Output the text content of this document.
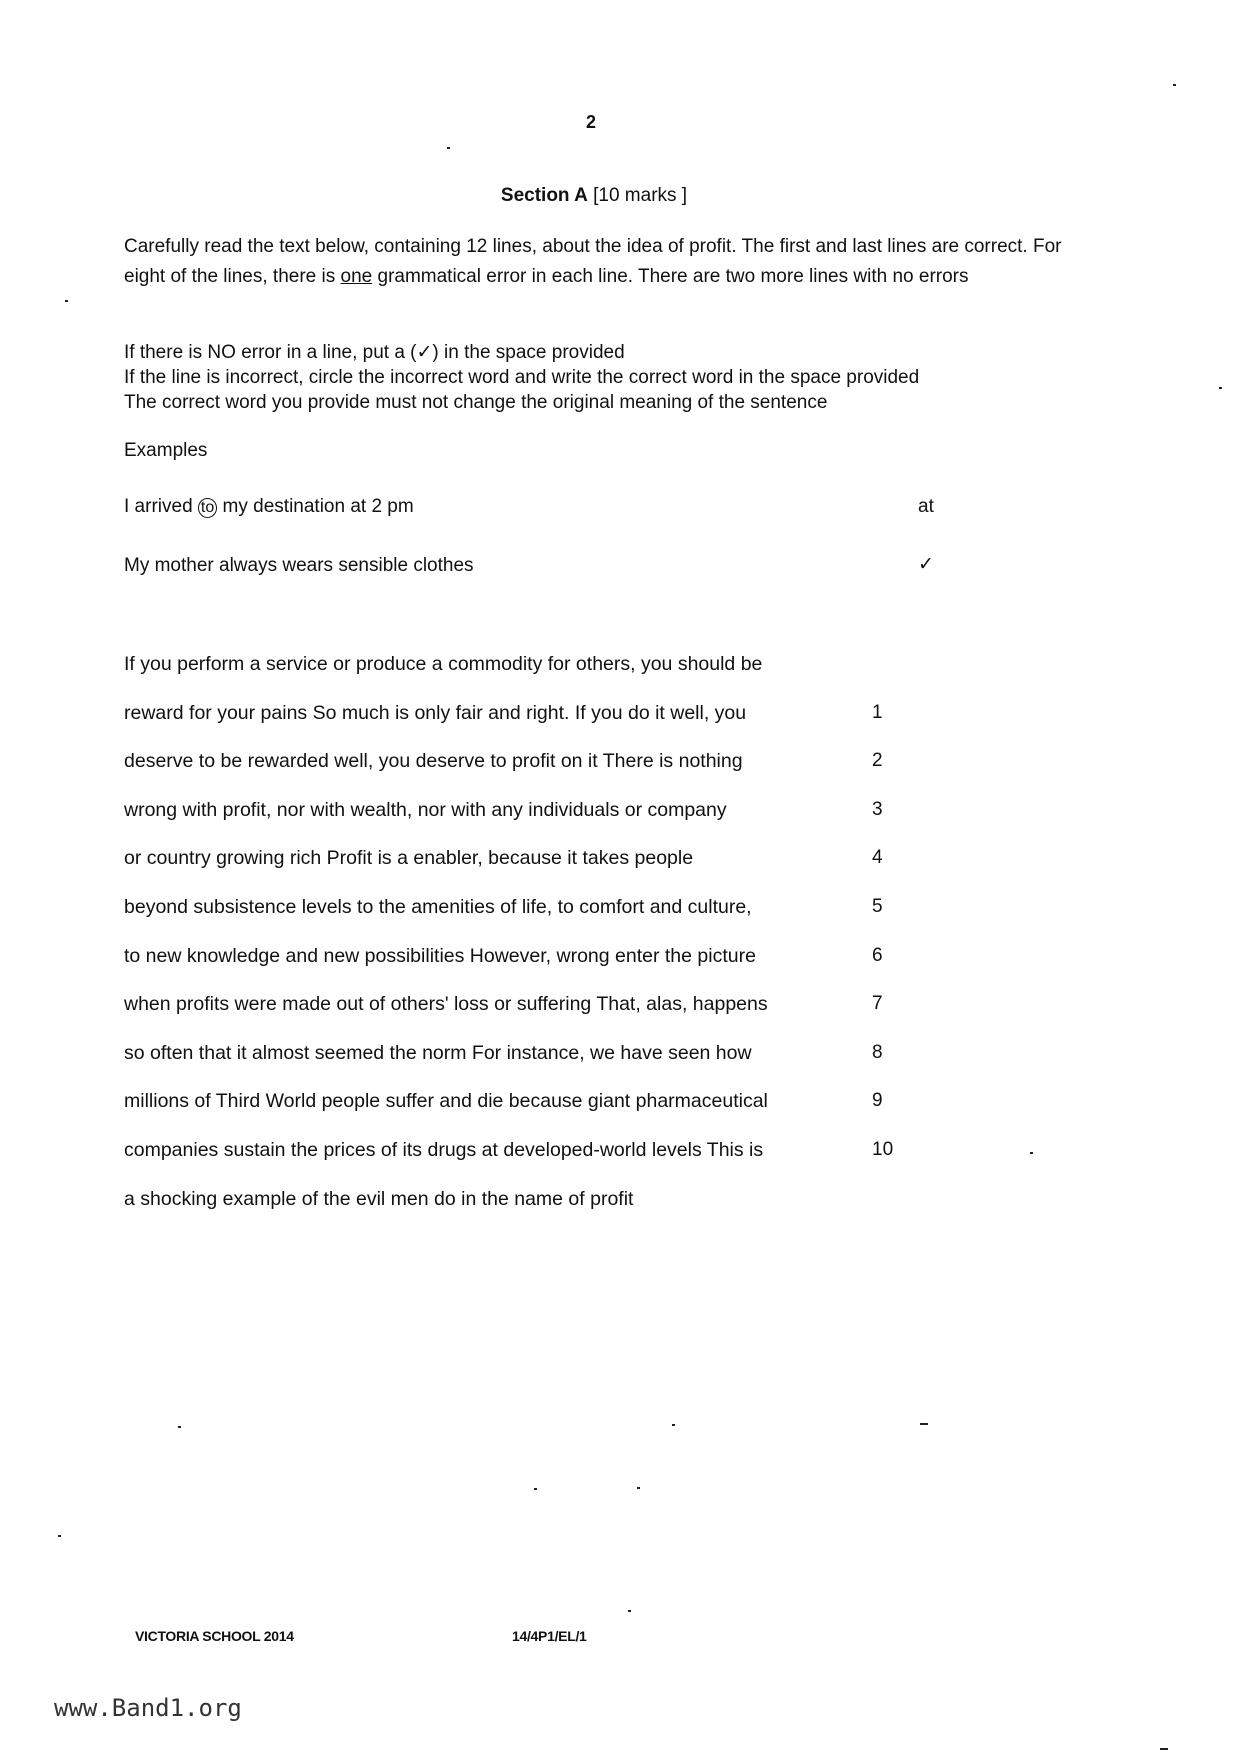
2
Section A [10 marks ]
Carefully read the text below, containing 12 lines, about the idea of profit. The first and last lines are correct. For eight of the lines, there is one grammatical error in each line. There are two more lines with no errors
If there is NO error in a line, put a (✓) in the space provided
If the line is incorrect, circle the incorrect word and write the correct word in the space provided
The correct word you provide must not change the original meaning of the sentence
Examples
I arrived to my destination at 2 pm	at
My mother always wears sensible clothes	✓
If you perform a service or produce a commodity for others, you should be
reward for your pains So much is only fair and right. If you do it well, you	1
deserve to be rewarded well, you deserve to profit on it There is nothing	2
wrong with profit, nor with wealth, nor with any individuals or company	3
or country growing rich Profit is a enabler, because it takes people	4
beyond subsistence levels to the amenities of life, to comfort and culture,	5
to new knowledge and new possibilities However, wrong enter the picture	6
when profits were made out of others' loss or suffering That, alas, happens	7
so often that it almost seemed the norm For instance, we have seen how	8
millions of Third World people suffer and die because giant pharmaceutical	9
companies sustain the prices of its drugs at developed-world levels This is	10
a shocking example of the evil men do in the name of profit
VICTORIA SCHOOL 2014	14/4P1/EL/1
www.Band1.org
